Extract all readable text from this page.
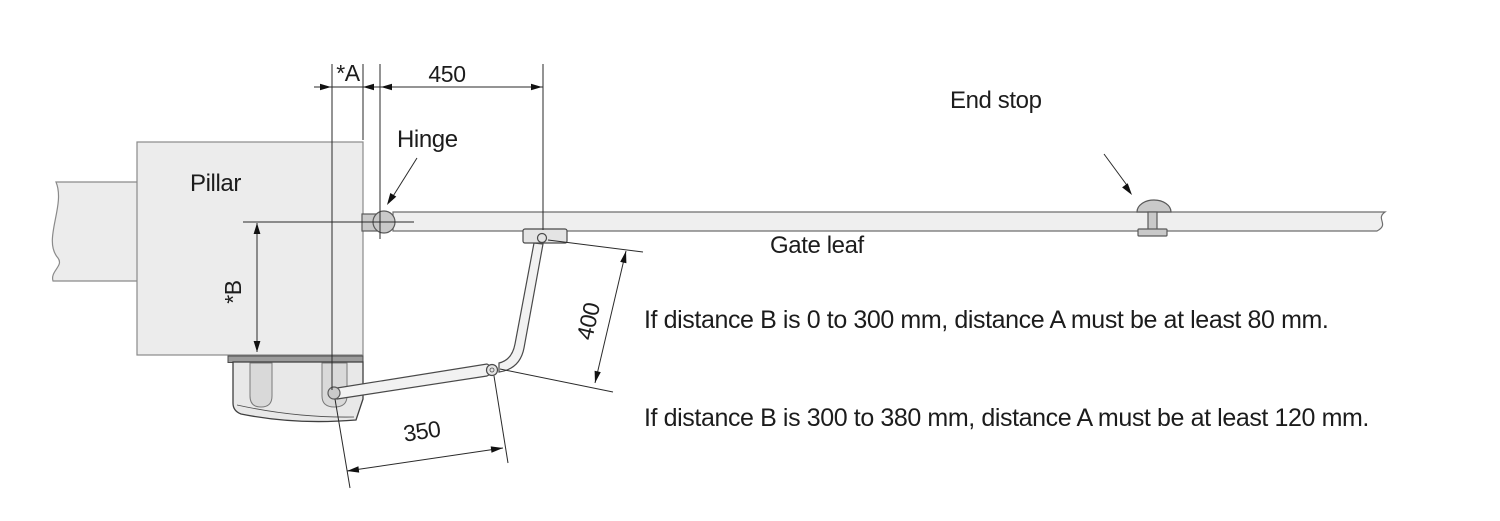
Pillar
Hinge
Gate leaf
End stop
*A	450
*B
400
350
If distance B is 0 to 300 mm, distance A must be at least 80 mm.
If distance B is 300 to 380 mm, distance A must be at least 120 mm.
